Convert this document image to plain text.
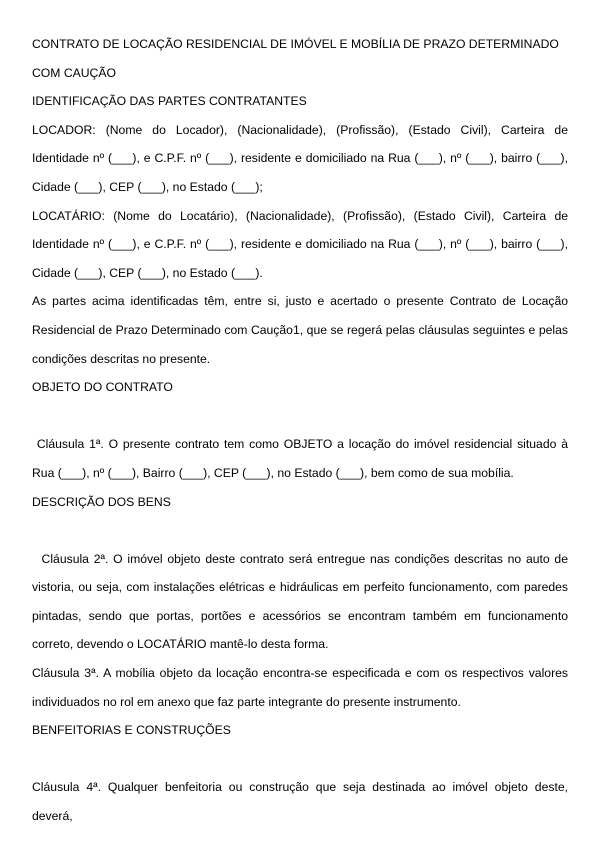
CONTRATO DE LOCAÇÃO RESIDENCIAL DE IMÓVEL E MOBÍLIA DE PRAZO DETERMINADO

COM CAUÇÃO

IDENTIFICAÇÃO DAS PARTES CONTRATANTES

LOCADOR: (Nome do Locador), (Nacionalidade), (Profissão), (Estado Civil), Carteira de Identidade nº (___), e C.P.F. nº (___), residente e domiciliado na Rua (___), nº (___), bairro (___), Cidade (___), CEP (___), no Estado (___);

LOCATÁRIO: (Nome do Locatário), (Nacionalidade), (Profissão), (Estado Civil), Carteira de Identidade nº (___), e C.P.F. nº (___), residente e domiciliado na Rua (___), nº (___), bairro (___), Cidade (___), CEP (___), no Estado (___).

As partes acima identificadas têm, entre si, justo e acertado o presente Contrato de Locação Residencial de Prazo Determinado com Caução1, que se regerá pelas cláusulas seguintes e pelas condições descritas no presente.

OBJETO DO CONTRATO

Cláusula 1ª. O presente contrato tem como OBJETO a locação do imóvel residencial situado à Rua (___), nº (___), Bairro (___), CEP (___), no Estado (___), bem como de sua mobília.

DESCRIÇÃO DOS BENS

Cláusula 2ª. O imóvel objeto deste contrato será entregue nas condições descritas no auto de vistoria, ou seja, com instalações elétricas e hidráulicas em perfeito funcionamento, com paredes pintadas, sendo que portas, portões e acessórios se encontram também em funcionamento correto, devendo o LOCATÁRIO mantê-lo desta forma.

Cláusula 3ª. A mobília objeto da locação encontra-se especificada e com os respectivos valores individuados no rol em anexo que faz parte integrante do presente instrumento.

BENFEITORIAS E CONSTRUÇÕES

Cláusula 4ª. Qualquer benfeitoria ou construção que seja destinada ao imóvel objeto deste, deverá,
